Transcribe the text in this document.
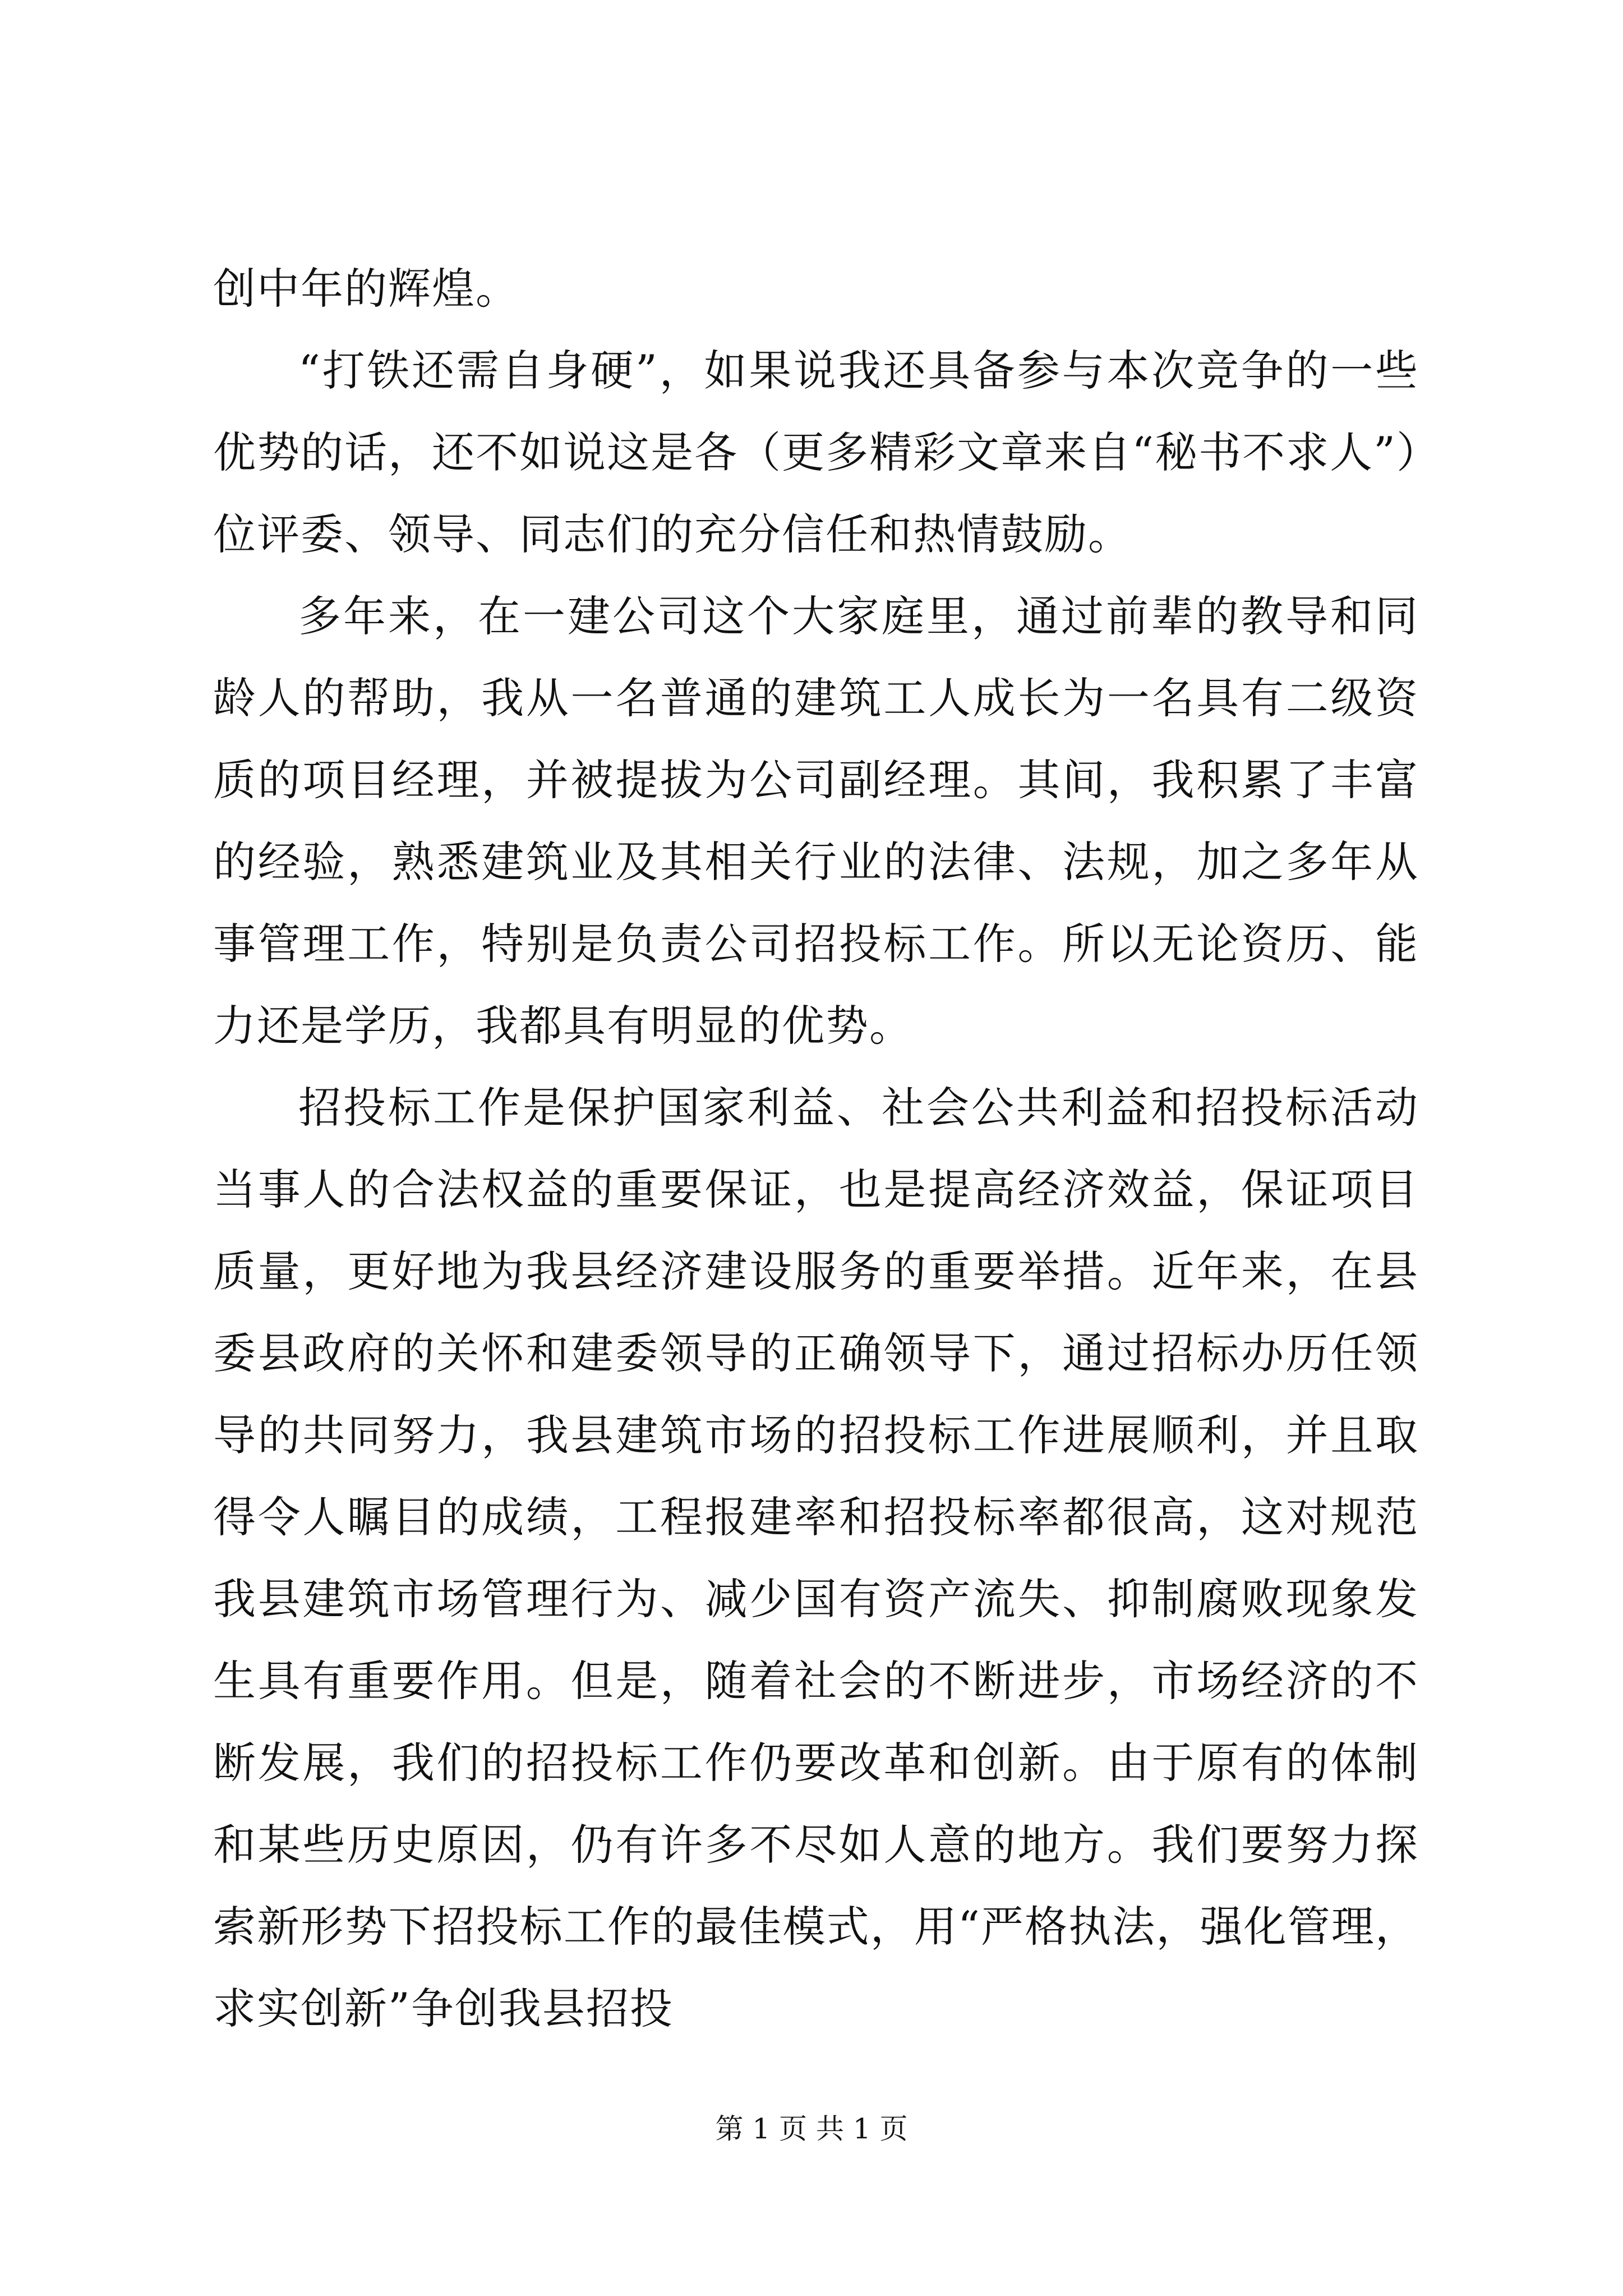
创中年的辉煌。

“打铁还需自身硬”，如果说我还具备参与本次竞争的一些优势的话，还不如说这是各（更多精彩文章来自“秘书不求人”）位评委、领导、同志们的充分信任和热情鼓励。

多年来，在一建公司这个大家庭里，通过前辈的教导和同龄人的帮助，我从一名普通的建筑工人成长为一名具有二级资质的项目经理，并被提拔为公司副经理。其间，我积累了丰富的经验，熟悉建筑业及其相关行业的法律、法规，加之多年从事管理工作，特别是负责公司招投标工作。所以无论资历、能力还是学历，我都具有明显的优势。

招投标工作是保护国家利益、社会公共利益和招投标活动当事人的合法权益的重要保证，也是提高经济效益，保证项目质量，更好地为我县经济建设服务的重要举措。近年来，在县委县政府的关怀和建委领导的正确领导下，通过招标办历任领导的共同努力，我县建筑市场的招投标工作进展顺利，并且取得令人瞩目的成绩，工程报建率和招投标率都很高，这对规范我县建筑市场管理行为、减少国有资产流失、抑制腐败现象发生具有重要作用。但是，随着社会的不断进步，市场经济的不断发展，我们的招投标工作仍要改革和创新。由于原有的体制和某些历史原因，仍有许多不尽如人意的地方。我们要努力探索新形势下招投标工作的最佳模式，用“严格执法，强化管理，求实创新”争创我县招投

第 1 页 共 1 页
